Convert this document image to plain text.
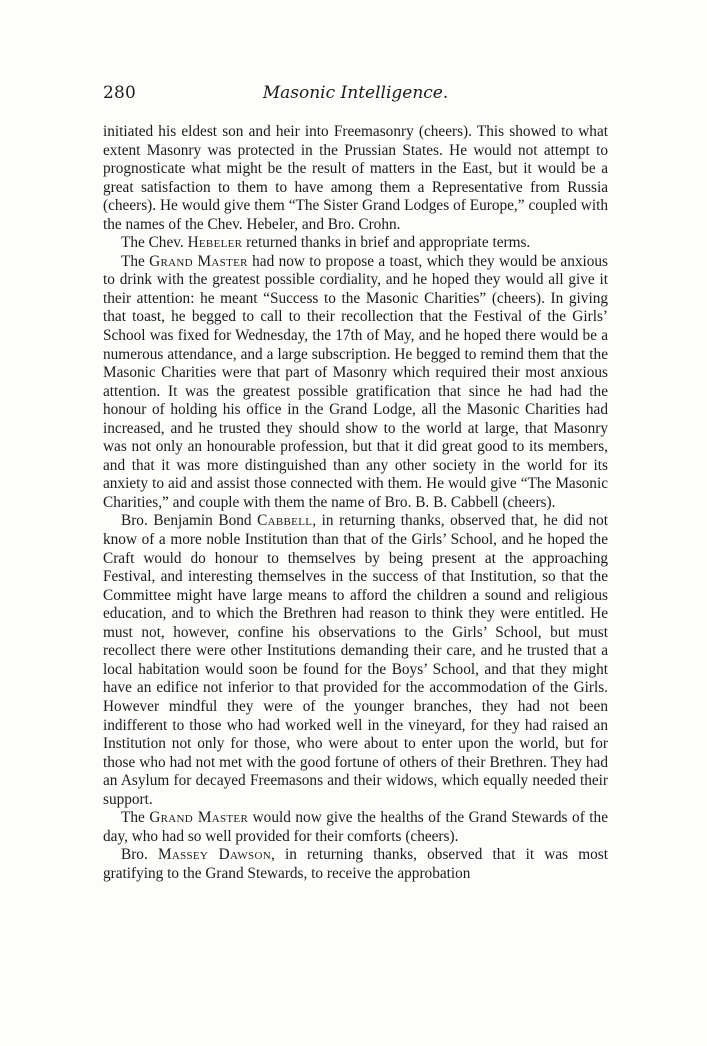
280	Masonic Intelligence.

initiated his eldest son and heir into Freemasonry (cheers). This showed to what extent Masonry was protected in the Prussian States. He would not attempt to prognosticate what might be the result of matters in the East, but it would be a great satisfaction to them to have among them a Representative from Russia (cheers). He would give them “The Sister Grand Lodges of Europe,” coupled with the names of the Chev. Hebeler, and Bro. Crohn.

The Chev. Hebeler returned thanks in brief and appropriate terms.

The Grand Master had now to propose a toast, which they would be anxious to drink with the greatest possible cordiality, and he hoped they would all give it their attention: he meant “Success to the Masonic Charities” (cheers). In giving that toast, he begged to call to their recollection that the Festival of the Girls’ School was fixed for Wednesday, the 17th of May, and he hoped there would be a numerous attendance, and a large subscription. He begged to remind them that the Masonic Charities were that part of Masonry which required their most anxious attention. It was the greatest possible gratification that since he had had the honour of holding his office in the Grand Lodge, all the Masonic Charities had increased, and he trusted they should show to the world at large, that Masonry was not only an honourable profession, but that it did great good to its members, and that it was more distinguished than any other society in the world for its anxiety to aid and assist those connected with them. He would give “The Masonic Charities,” and couple with them the name of Bro. B. B. Cabbell (cheers).

Bro. Benjamin Bond Cabbell, in returning thanks, observed that, he did not know of a more noble Institution than that of the Girls’ School, and he hoped the Craft would do honour to themselves by being present at the approaching Festival, and interesting themselves in the success of that Institution, so that the Committee might have large means to afford the children a sound and religious education, and to which the Brethren had reason to think they were entitled. He must not, however, confine his observations to the Girls’ School, but must recollect there were other Institutions demanding their care, and he trusted that a local habitation would soon be found for the Boys’ School, and that they might have an edifice not inferior to that provided for the accommodation of the Girls. However mindful they were of the younger branches, they had not been indifferent to those who had worked well in the vineyard, for they had raised an Institution not only for those, who were about to enter upon the world, but for those who had not met with the good fortune of others of their Brethren. They had an Asylum for decayed Freemasons and their widows, which equally needed their support.

The Grand Master would now give the healths of the Grand Stewards of the day, who had so well provided for their comforts (cheers).

Bro. Massey Dawson, in returning thanks, observed that it was most gratifying to the Grand Stewards, to receive the approbation
